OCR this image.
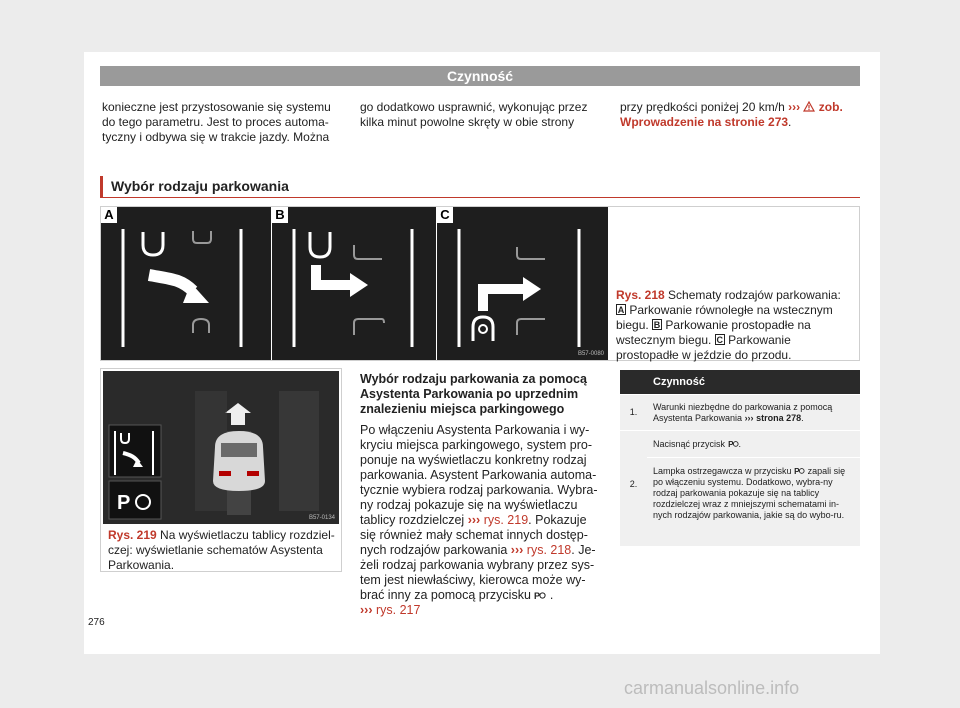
Czynność
konieczne jest przystosowanie się systemu do tego parametru. Jest to proces automa-tyczny i odbywa się w trakcie jazdy. Można
go dodatkowo usprawnić, wykonując przez kilka minut powolne skręty w obie strony
przy prędkości poniżej 20 km/h ››› zob. Wprowadzenie na stronie 273.
Wybór rodzaju parkowania
A	B	C
B57-0080
Rys. 218 Schematy rodzajów parkowania: A Parkowanie równoległe na wstecznym biegu. B Parkowanie prostopadłe na wstecznym biegu. C Parkowanie prostopadłe w jeździe do przodu.
P
B57-0134
Rys. 219 Na wyświetlaczu tablicy rozdziel-czej: wyświetlanie schematów Asystenta Parkowania.
Wybór rodzaju parkowania za pomocą Asystenta Parkowania po uprzednim znalezieniu miejsca parkingowego
Po włączeniu Asystenta Parkowania i wy-kryciu miejsca parkingowego, system pro-ponuje na wyświetlaczu konkretny rodzaj parkowania. Asystent Parkowania automa-tycznie wybiera rodzaj parkowania. Wybra-ny rodzaj pokazuje się na wyświetlaczu tablicy rozdzielczej ››› rys. 219. Pokazuje się również mały schemat innych dostęp-nych rodzajów parkowania ››› rys. 218. Je-żeli rodzaj parkowania wybrany przez sys-tem jest niewłaściwy, kierowca może wy-brać inny za pomocą przycisku P .
››› rys. 217
Czynność
1.
Warunki niezbędne do parkowania z pomocą Asystenta Parkowania ››› strona 278.
2.
Nacisnąć przycisk P .
Lampka ostrzegawcza w przycisku P zapali się po włączeniu systemu. Dodatkowo, wybra-ny rodzaj parkowania pokazuje się na tablicy rozdzielczej wraz z mniejszymi schematami in-nych rodzajów parkowania, jakie są do wybo-ru.
276
carmanualsonline.info
